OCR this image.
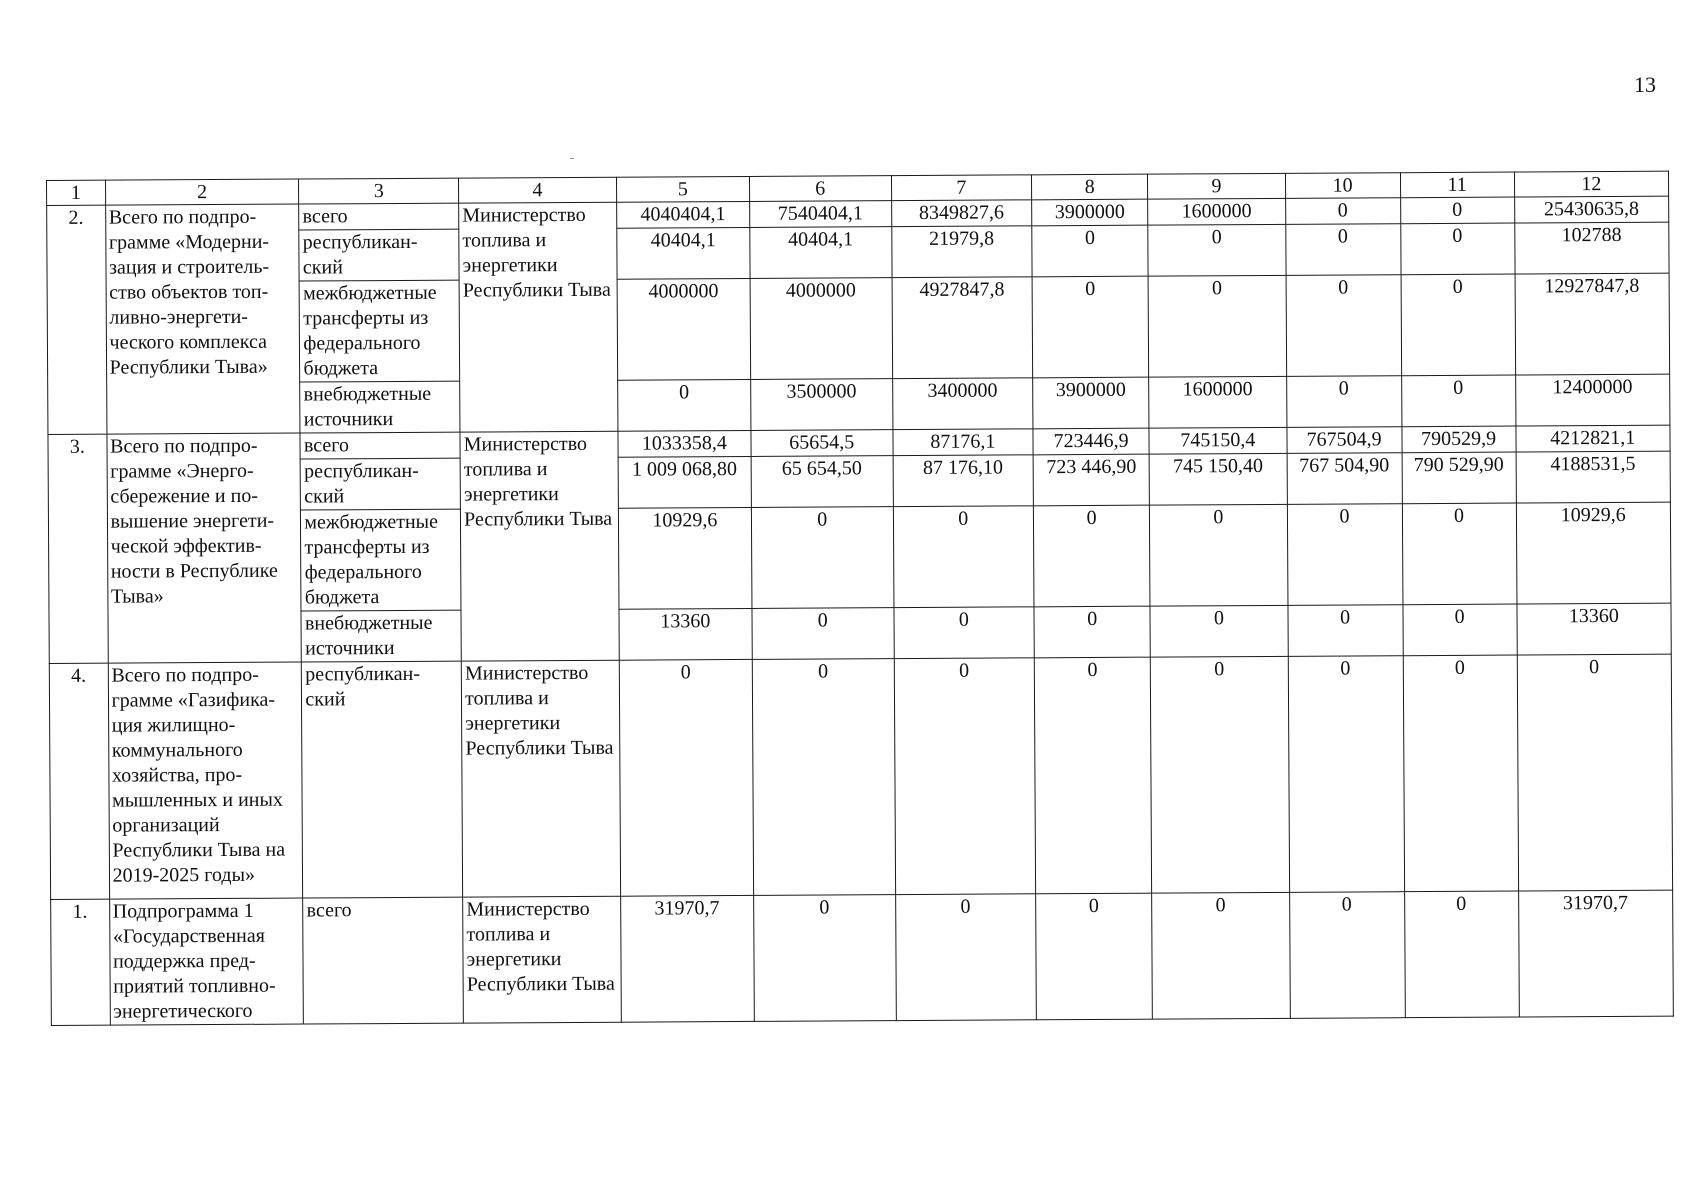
13
1	2	3	4	5	6	7	8	9	10	11	12
2.	Всего по подпро-грамме «Модерни-зация и строитель-ство объектов топ-ливно-энергети-ческого комплекса Республики Тыва»	всего	Министерство топлива и энергетики Республики Тыва	4040404,1	7540404,1	8349827,6	3900000	1600000	0	0	25430635,8
		республикан-ский		40404,1	40404,1	21979,8	0	0	0	0	102788
		межбюджетные трансферты из федерального бюджета		4000000	4000000	4927847,8	0	0	0	0	12927847,8
		внебюджетные источники		0	3500000	3400000	3900000	1600000	0	0	12400000
3.	Всего по подпро-грамме «Энерго-сбережение и по-вышение энергети-ческой эффектив-ности в Республике Тыва»	всего	Министерство топлива и энергетики Республики Тыва	1033358,4	65654,5	87176,1	723446,9	745150,4	767504,9	790529,9	4212821,1
		республикан-ский		1 009 068,80	65 654,50	87 176,10	723 446,90	745 150,40	767 504,90	790 529,90	4188531,5
		межбюджетные трансферты из федерального бюджета		10929,6	0	0	0	0	0	0	10929,6
		внебюджетные источники		13360	0	0	0	0	0	0	13360
4.	Всего по подпро-грамме «Газифика-ция жилищно-коммунального хозяйства, про-мышленных и иных организаций Республики Тыва на 2019-2025 годы»	республикан-ский	Министерство топлива и энергетики Республики Тыва	0	0	0	0	0	0	0	0
1.	Подпрограмма 1 «Государственная поддержка пред-приятий топливно-энергетического	всего	Министерство топлива и энергетики Республики Тыва	31970,7	0	0	0	0	0	0	31970,7
